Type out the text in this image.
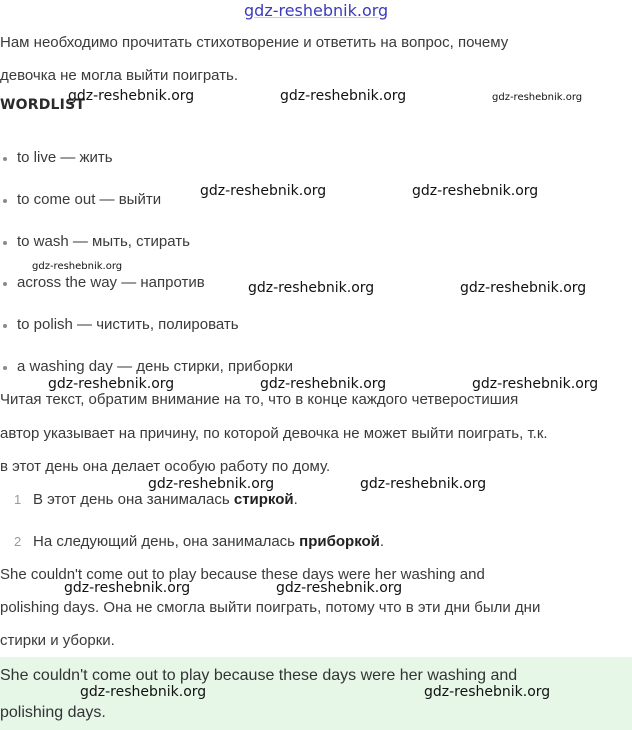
gdz-reshebnik.org

Нам необходимо прочитать стихотворение и ответить на вопрос, почему

девочка не могла выйти поиграть.

WORDLIST
to live — жить
to come out — выйти
to wash — мыть, стирать
across the way — напротив
to polish — чистить, полировать
a washing day — день стирки, приборки

Читая текст, обратим внимание на то, что в конце каждого четверостишия

автор указывает на причину, по которой девочка не может выйти поиграть, т.к.

в этот день она делает особую работу по дому.

1 В этот день она занималась стиркой.
2 На следующий день, она занималась приборкой.

She couldn't come out to play because these days were her washing and

polishing days. Она не смогла выйти поиграть, потому что в эти дни были дни

стирки и уборки.

She couldn't come out to play because these days were her washing and

polishing days.

gdz-reshebnik.org	gdz-reshebnik.org	gdz-reshebnik.org
gdz-reshebnik.org	gdz-reshebnik.org
gdz-reshebnik.org
gdz-reshebnik.org	gdz-reshebnik.org
gdz-reshebnik.org	gdz-reshebnik.org	gdz-reshebnik.org
gdz-reshebnik.org	gdz-reshebnik.org
gdz-reshebnik.org	gdz-reshebnik.org
gdz-reshebnik.org	gdz-reshebnik.org
